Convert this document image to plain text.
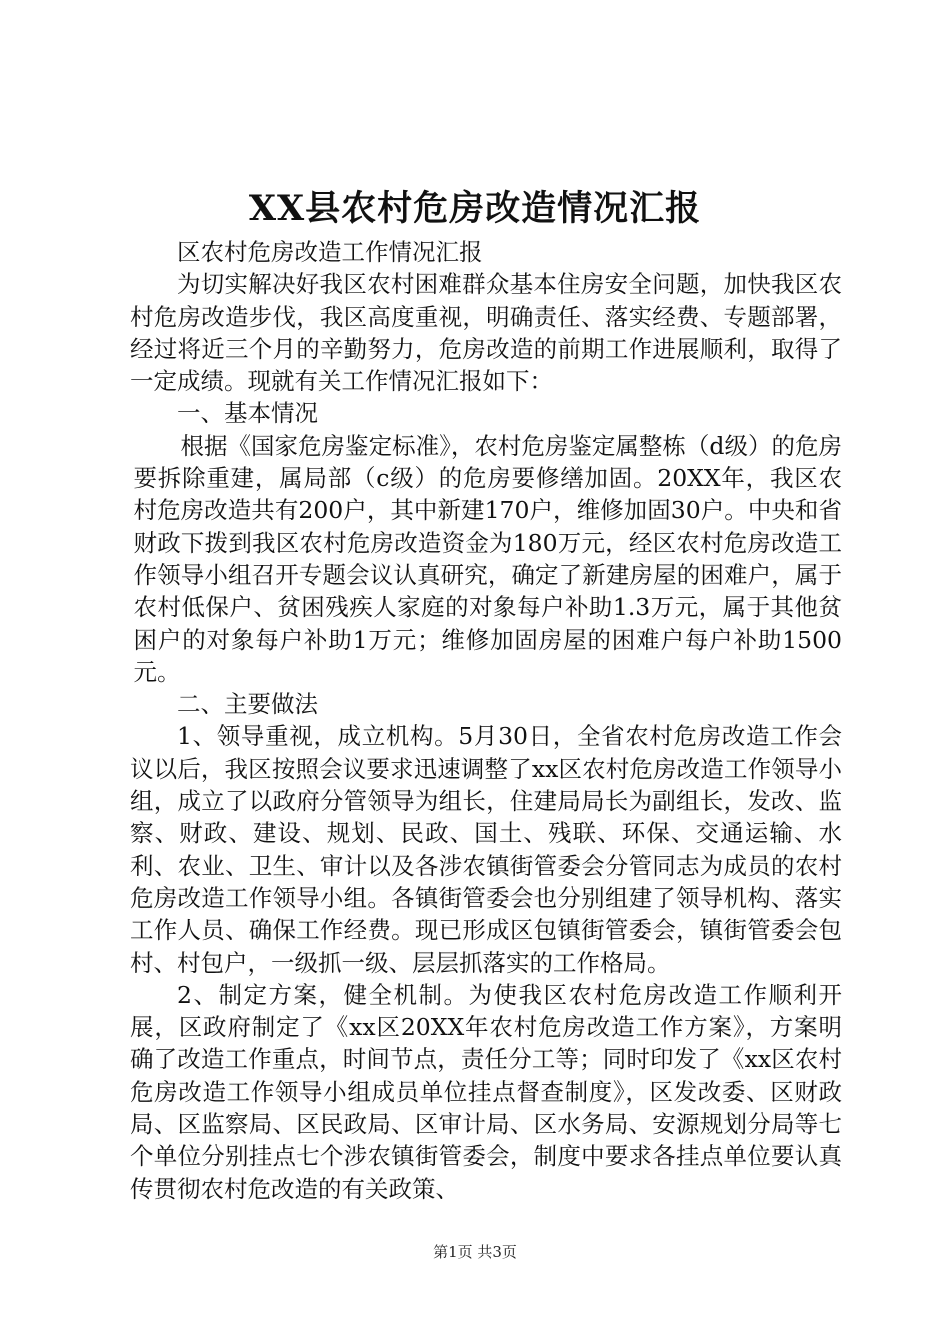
XX县农村危房改造情况汇报

区农村危房改造工作情况汇报

为切实解决好我区农村困难群众基本住房安全问题，加快我区农村危房改造步伐，我区高度重视，明确责任、落实经费、专题部署，经过将近三个月的辛勤努力，危房改造的前期工作进展顺利，取得了一定成绩。现就有关工作情况汇报如下：

一、基本情况

根据《国家危房鉴定标准》，农村危房鉴定属整栋（d级）的危房要拆除重建，属局部（c级）的危房要修缮加固。20XX年，我区农村危房改造共有200户，其中新建170户，维修加固30户。中央和省财政下拨到我区农村危房改造资金为180万元，经区农村危房改造工作领导小组召开专题会议认真研究，确定了新建房屋的困难户，属于农村低保户、贫困残疾人家庭的对象每户补助1.3万元，属于其他贫困户的对象每户补助1万元；维修加固房屋的困难户每户补助1500元。

二、主要做法

1、领导重视，成立机构。5月30日，全省农村危房改造工作会议以后，我区按照会议要求迅速调整了xx区农村危房改造工作领导小组，成立了以政府分管领导为组长，住建局局长为副组长，发改、监察、财政、建设、规划、民政、国土、残联、环保、交通运输、水利、农业、卫生、审计以及各涉农镇街管委会分管同志为成员的农村危房改造工作领导小组。各镇街管委会也分别组建了领导机构、落实工作人员、确保工作经费。现已形成区包镇街管委会，镇街管委会包村、村包户，一级抓一级、层层抓落实的工作格局。

2、制定方案，健全机制。为使我区农村危房改造工作顺利开展，区政府制定了《xx区20XX年农村危房改造工作方案》，方案明确了改造工作重点，时间节点，责任分工等；同时印发了《xx区农村危房改造工作领导小组成员单位挂点督查制度》，区发改委、区财政局、区监察局、区民政局、区审计局、区水务局、安源规划分局等七个单位分别挂点七个涉农镇街管委会，制度中要求各挂点单位要认真传贯彻农村危改造的有关政策、

第1页 共3页
